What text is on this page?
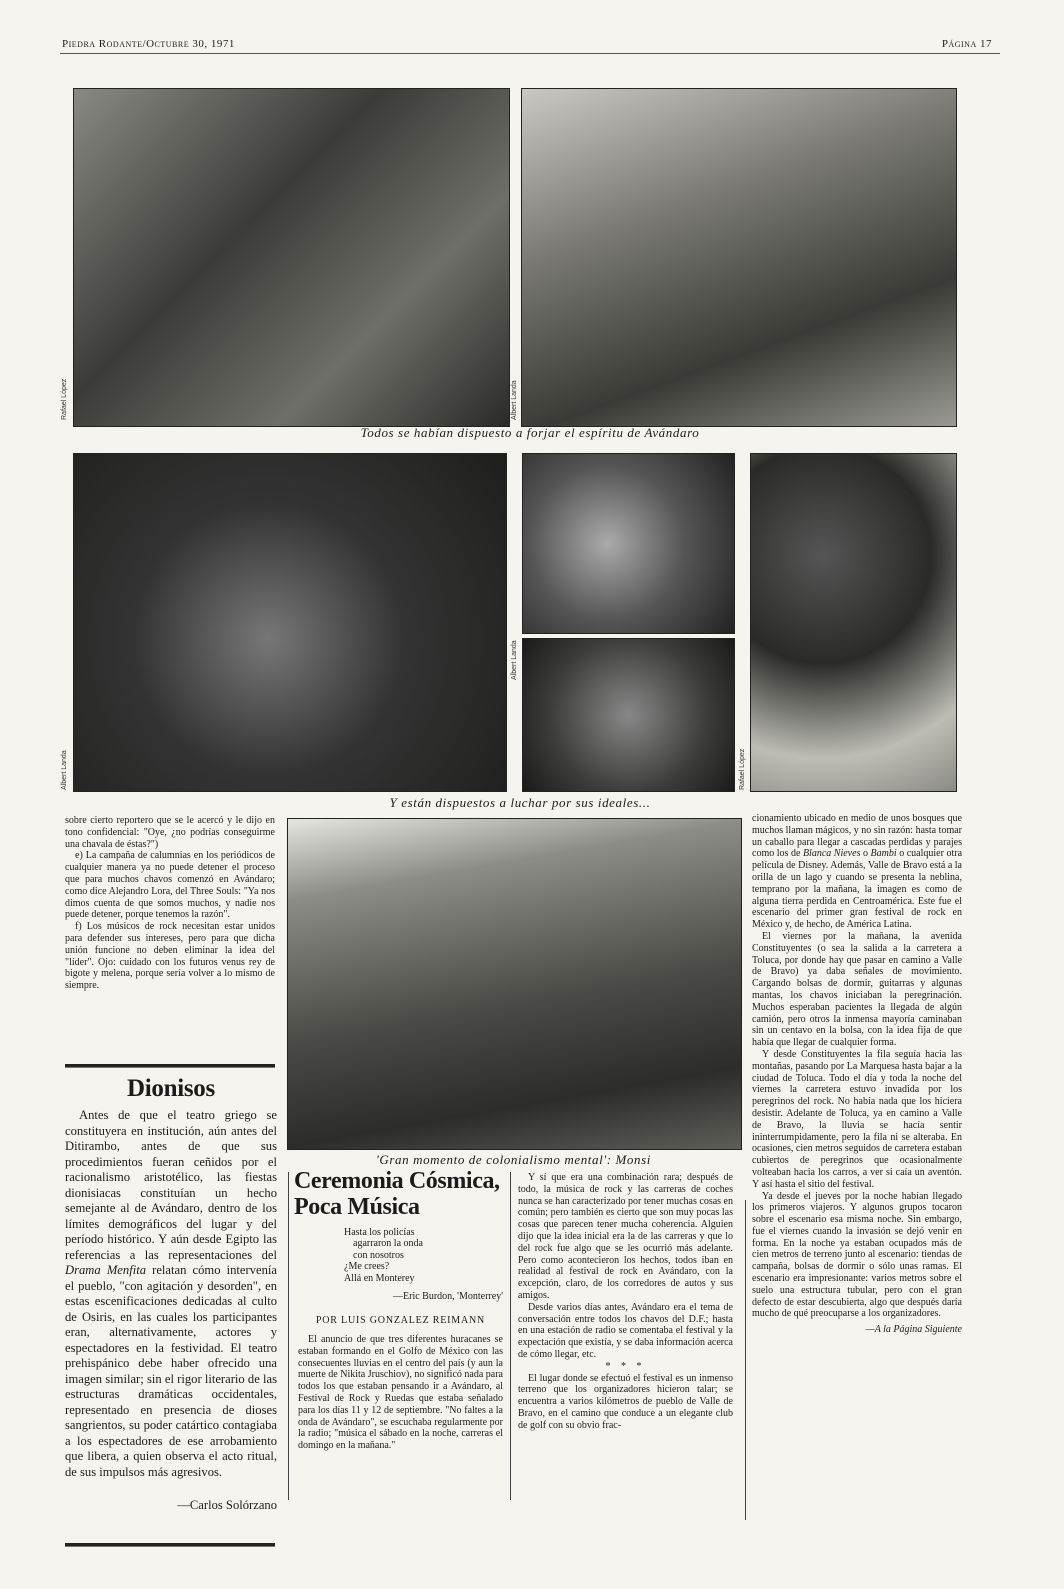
Piedra Rodante/Octubre 30, 1971	Página 17
Rafael López	Albert Landa
Todos se habían dispuesto a forjar el espíritu de Avándaro
Albert Landa
Albert Landa
Rafael López
Y están dispuestos a luchar por sus ideales...

sobre cierto reportero que se le acercó y le dijo en tono confidencial: "Oye, ¿no podrías conseguirme una chavala de éstas?")

e) La campaña de calumnias en los periódicos de cualquier manera ya no puede detener el proceso que para muchos chavos comenzó en Avándaro; como dice Alejandro Lora, del Three Souls: "Ya nos dimos cuenta de que somos muchos, y nadie nos puede detener, porque tenemos la razón".

f) Los músicos de rock necesitan estar unidos para defender sus intereses, pero para que dicha unión funcione no deben eliminar la idea del "líder". Ojo: cuidado con los futuros venus rey de bigote y melena, porque sería volver a lo mismo de siempre.

Dionisos

Antes de que el teatro griego se constituyera en institución, aún antes del Ditirambo, antes de que sus procedimientos fueran ceñidos por el racionalismo aristotélico, las fiestas dionisiacas constituían un hecho semejante al de Avándaro, dentro de los límites demográficos del lugar y del período histórico. Y aún desde Egipto las referencias a las representaciones del Drama Menfita relatan cómo intervenía el pueblo, "con agitación y desorden", en estas escenificaciones dedicadas al culto de Osiris, en las cuales los participantes eran, alternativamente, actores y espectadores en la festividad. El teatro prehispánico debe haber ofrecido una imagen similar; sin el rigor literario de las estructuras dramáticas occidentales, representado en presencia de dioses sangrientos, su poder catártico contagiaba a los espectadores de ese arrobamiento que libera, a quien observa el acto ritual, de sus impulsos más agresivos.

—Carlos Solórzano

'Gran momento de colonialismo mental': Monsi
Ceremonia Cósmica, Poca Música
Hasta los policías
agarraron la onda
con nosotros
¿Me crees?
Allá en Monterey
—Eric Burdon, 'Monterrey'
POR LUIS GONZALEZ REIMANN

El anuncio de que tres diferentes huracanes se estaban formando en el Golfo de México con las consecuentes lluvias en el centro del país (y aun la muerte de Nikita Jruschiov), no significó nada para todos los que estaban pensando ir a Avándaro, al Festival de Rock y Ruedas que estaba señalado para los días 11 y 12 de septiembre. "No faltes a la onda de Avándaro", se escuchaba regularmente por la radio; "música el sábado en la noche, carreras el domingo en la mañana."

Y sí que era una combinación rara; después de todo, la música de rock y las carreras de coches nunca se han caracterizado por tener muchas cosas en común; pero también es cierto que son muy pocas las cosas que parecen tener mucha coherencia. Alguien dijo que la idea inicial era la de las carreras y que lo del rock fue algo que se les ocurrió más adelante. Pero como acontecieron los hechos, todos iban en realidad al festival de rock en Avándaro, con la excepción, claro, de los corredores de autos y sus amigos.

Desde varios días antes, Avándaro era el tema de conversación entre todos los chavos del D.F.; hasta en una estación de radio se comentaba el festival y la expectación que existía, y se daba información acerca de cómo llegar, etc.

* * *

El lugar donde se efectuó el festival es un inmenso terreno que los organizadores hicieron talar; se encuentra a varios kilómetros de pueblo de Valle de Bravo, en el camino que conduce a un elegante club de golf con su obvio frac-

cionamiento ubicado en medio de unos bosques que muchos llaman mágicos, y no sin razón: hasta tomar un caballo para llegar a cascadas perdidas y parajes como los de Blanca Nieves o Bambi o cualquier otra película de Disney. Además, Valle de Bravo está a la orilla de un lago y cuando se presenta la neblina, temprano por la mañana, la imagen es como de alguna tierra perdida en Centroamérica. Este fue el escenario del primer gran festival de rock en México y, de hecho, de América Latina.

El viernes por la mañana, la avenida Constituyentes (o sea la salida a la carretera a Toluca, por donde hay que pasar en camino a Valle de Bravo) ya daba señales de movimiento. Cargando bolsas de dormir, guitarras y algunas mantas, los chavos iniciaban la peregrinación. Muchos esperaban pacientes la llegada de algún camión, pero otros la inmensa mayoría caminaban sin un centavo en la bolsa, con la idea fija de que había que llegar de cualquier forma.

Y desde Constituyentes la fila seguía hacia las montañas, pasando por La Marquesa hasta bajar a la ciudad de Toluca. Todo el día y toda la noche del viernes la carretera estuvo invadida por los peregrinos del rock. No había nada que los hiciera desistir. Adelante de Toluca, ya en camino a Valle de Bravo, la lluvia se hacía sentir ininterrumpidamente, pero la fila ni se alteraba. En ocasiones, cien metros seguidos de carretera estaban cubiertos de peregrinos que ocasionalmente volteaban hacia los carros, a ver si caía un aventón. Y así hasta el sitio del festival.

Ya desde el jueves por la noche habían llegado los primeros viajeros. Y algunos grupos tocaron sobre el escenario esa misma noche. Sin embargo, fue el viernes cuando la invasión se dejó venir en forma. En la noche ya estaban ocupados más de cien metros de terreno junto al escenario: tiendas de campaña, bolsas de dormir o sólo unas ramas. El escenario era impresionante: varios metros sobre el suelo una estructura tubular, pero con el gran defecto de estar descubierta, algo que después daría mucho de qué preocuparse a los organizadores.

—A la Página Siguiente
